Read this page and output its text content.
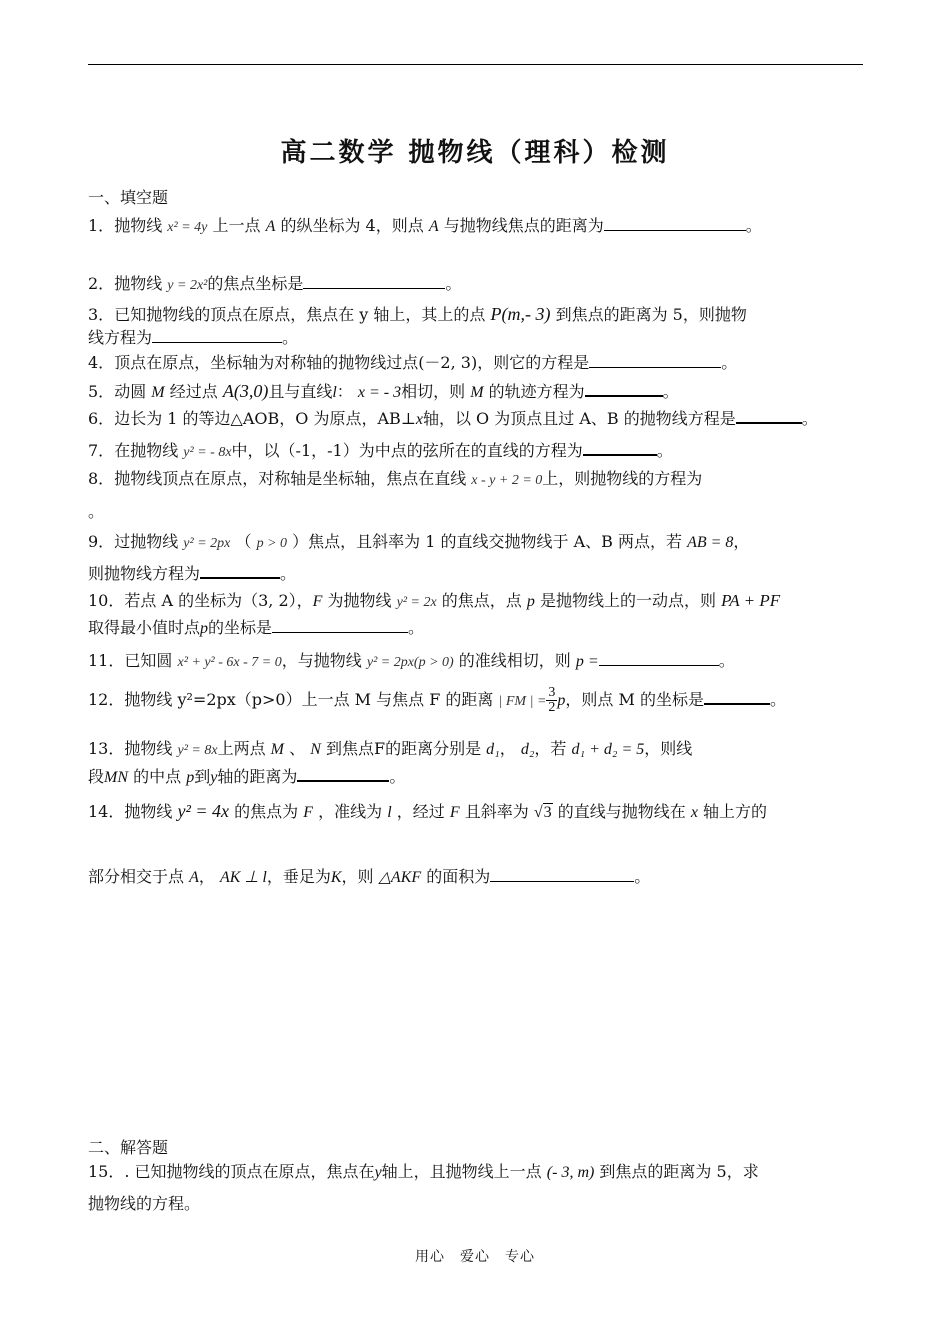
高二数学 抛物线（理科）检测
一、填空题
1．抛物线 x² = 4y 上一点 A 的纵坐标为 4，则点 A 与抛物线焦点的距离为	。
2．抛物线 y = 2x²的焦点坐标是	。
3．已知抛物线的顶点在原点，焦点在 y 轴上，其上的点 P(m,- 3) 到焦点的距离为 5，则抛物
线方程为	。
4．顶点在原点，坐标轴为对称轴的抛物线过点(－2, 3)，则它的方程是	。
5．动圆 M 经过点 A(3,0)且与直线l： x = - 3相切，则 M 的轨迹方程为	。
6．边长为 1 的等边△AOB，O 为原点，AB⊥x轴，以 O 为顶点且过 A、B 的抛物线方程是	。
7．在抛物线 y² = - 8x中，以（-1，-1）为中点的弦所在的直线的方程为	。
8．抛物线顶点在原点，对称轴是坐标轴，焦点在直线 x - y + 2 = 0上，则抛物线的方程为
。
9．过抛物线 y² = 2px （ p > 0 ）焦点，且斜率为 1 的直线交抛物线于 A、B 两点，若 AB = 8，
则抛物线方程为	。
10．若点 A 的坐标为（3, 2），F 为抛物线 y² = 2x 的焦点，点 p 是抛物线上的一动点，则 PA + PF
取得最小值时点p的坐标是	。
11．已知圆 x² + y² - 6x - 7 = 0，与抛物线 y² = 2px(p > 0) 的准线相切，则 p =	。
12．抛物线 y²=2px（p>0）上一点 M 与焦点 F 的距离 | FM | = $\frac{3}{2}$ p，则点 M 的坐标是	。
13．抛物线 y² = 8x上两点 M 、 N 到焦点F的距离分别是 d₁， d₂，若 d₁ + d₂ = 5，则线
段MN 的中点 p到y轴的距离为	。
14．抛物线 y² = 4x 的焦点为 F ，准线为 l ，经过 F 且斜率为 √3 的直线与抛物线在 x 轴上方的
部分相交于点 A， AK ⊥ l，垂足为K，则 △AKF 的面积为	。
二、解答题
15．. 已知抛物线的顶点在原点，焦点在y轴上，且抛物线上一点 (- 3, m) 到焦点的距离为 5，求
抛物线的方程。
用心　爱心　专心
